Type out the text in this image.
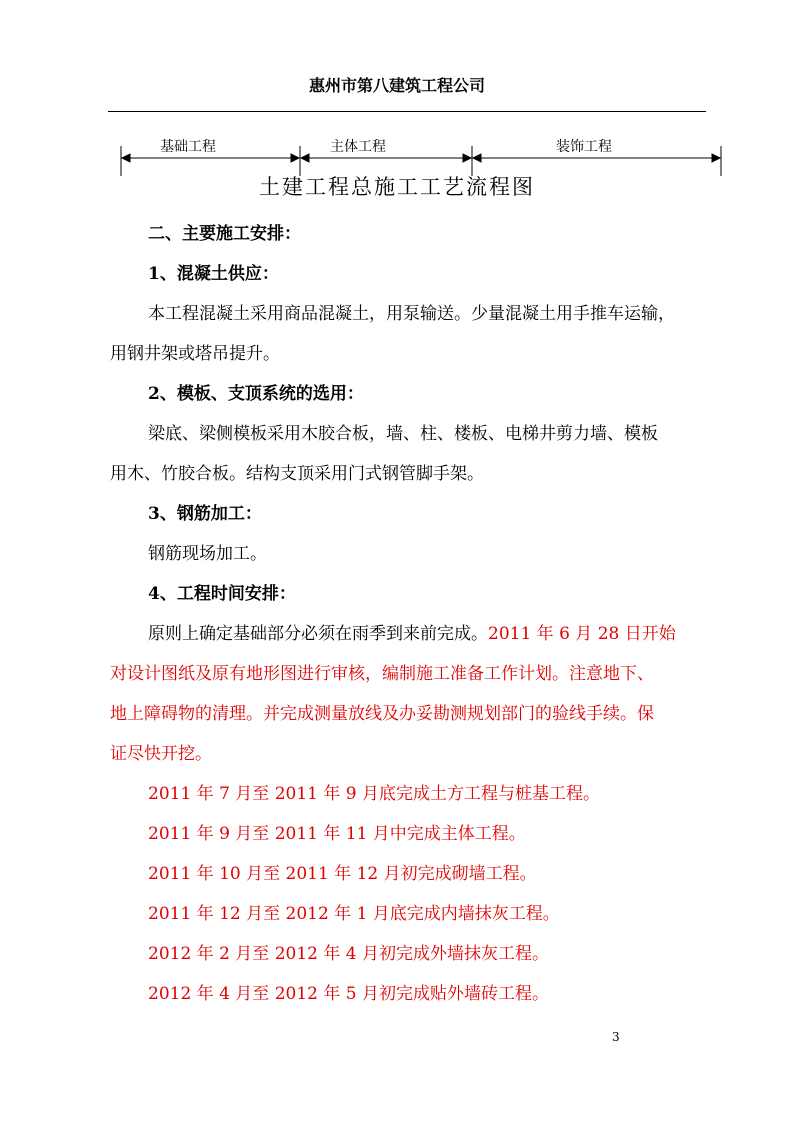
惠州市第八建筑工程公司
基础工程	主体工程	装饰工程
土建工程总施工工艺流程图
二、主要施工安排：
1、混凝土供应：
本工程混凝土采用商品混凝土，用泵输送。少量混凝土用手推车运输，
用钢井架或塔吊提升。
2、模板、支顶系统的选用：
梁底、梁侧模板采用木胶合板，墙、柱、楼板、电梯井剪力墙、模板
用木、竹胶合板。结构支顶采用门式钢管脚手架。
3、钢筋加工：
钢筋现场加工。
4、工程时间安排：
原则上确定基础部分必须在雨季到来前完成。2011 年 6 月 28 日开始
对设计图纸及原有地形图进行审核，编制施工准备工作计划。注意地下、
地上障碍物的清理。并完成测量放线及办妥勘测规划部门的验线手续。保
证尽快开挖。
2011 年 7 月至 2011 年 9 月底完成土方工程与桩基工程。
2011 年 9 月至 2011 年 11 月中完成主体工程。
2011 年 10 月至 2011 年 12 月初完成砌墙工程。
2011 年 12 月至 2012 年 1 月底完成内墙抹灰工程。
2012 年 2 月至 2012 年 4 月初完成外墙抹灰工程。
2012 年 4 月至 2012 年 5 月初完成贴外墙砖工程。
3
